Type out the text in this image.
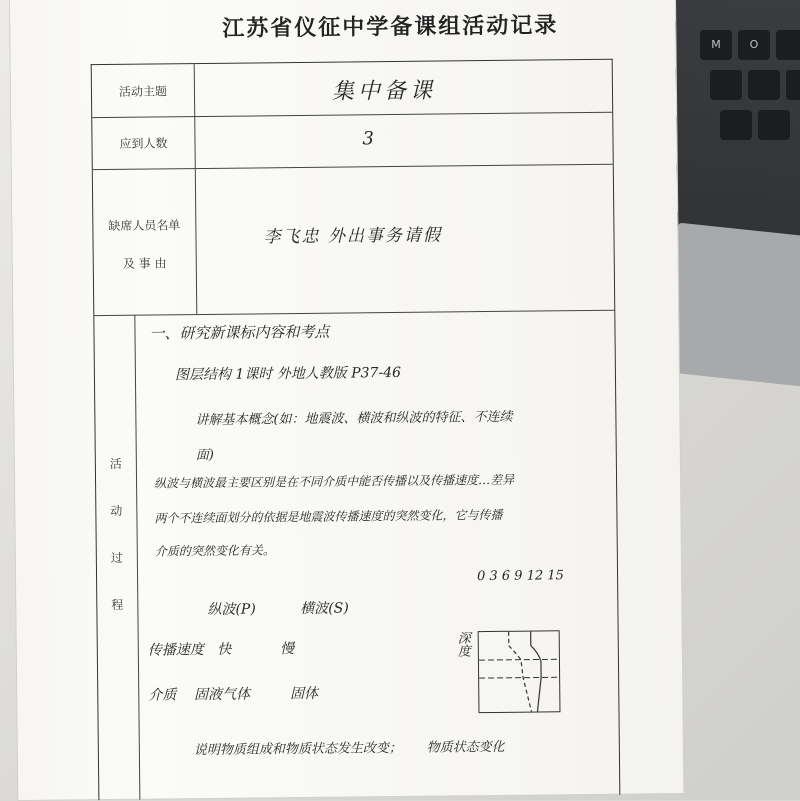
M	O
江苏省仪征中学备课组活动记录
活动主题	集中备课
应到人数	3
缺席人员名单
及 事 由
李飞忠 外出事务请假
活
动
过
程
一、研究新课标内容和考点
图层结构 1课时 外地人教版 P37-46
讲解基本概念(如：地震波、横波和纵波的特征、不连续
面)
纵波与横波最主要区别是在不同介质中能否传播以及传播速度…差异
两个不连续面划分的依据是地震波传播速度的突然变化，它与传播
介质的突然变化有关。
纵波(P)          横波(S)
传播速度   快           慢
介质    固液气体         固体
说明物质组成和物质状态发生改变；      物质状态变化
0 3 6 9 12 15
深度
